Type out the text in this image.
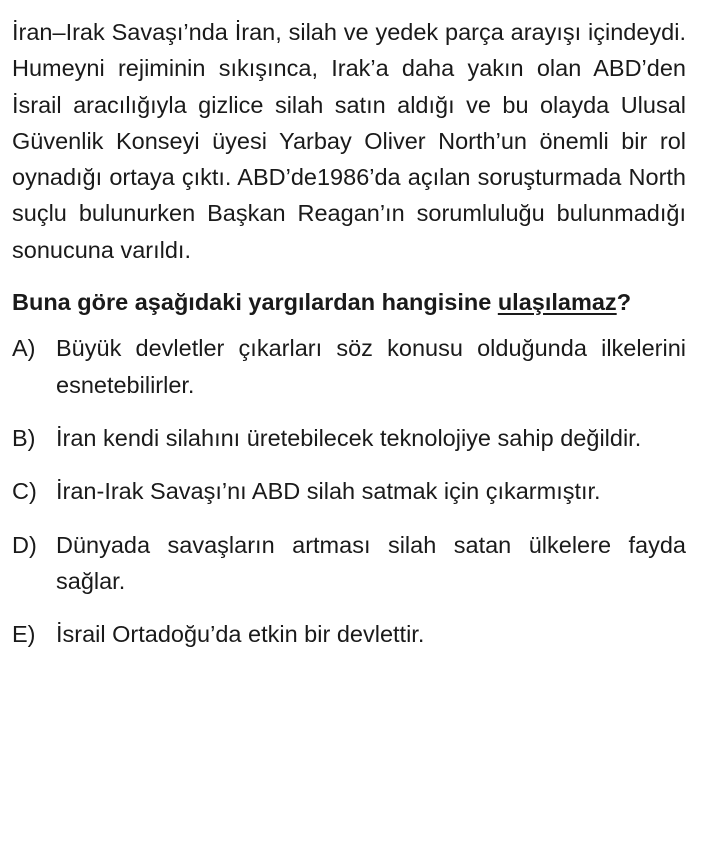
İran–Irak Savaşı’nda İran, silah ve yedek parça arayışı içindeydi. Humeyni rejiminin sıkışınca, Irak’a daha yakın olan ABD’den İsrail aracılığıyla gizlice silah satın aldığı ve bu olayda Ulusal Güvenlik Konseyi üyesi Yarbay Oliver North’un önemli bir rol oynadığı ortaya çıktı. ABD’de1986’da açılan soruşturmada North suçlu bulunurken Başkan Reagan’ın sorumluluğu bulunmadığı sonucuna varıldı.

Buna göre aşağıdaki yargılardan hangisine ulaşılamaz?

A) Büyük devletler çıkarları söz konusu olduğunda ilkelerini esnetebilirler.
B) İran kendi silahını üretebilecek teknolojiye sahip değildir.
C) İran-Irak Savaşı’nı ABD silah satmak için çıkarmıştır.
D) Dünyada savaşların artması silah satan ülkelere fayda sağlar.
E) İsrail Ortadoğu’da etkin bir devlettir.
